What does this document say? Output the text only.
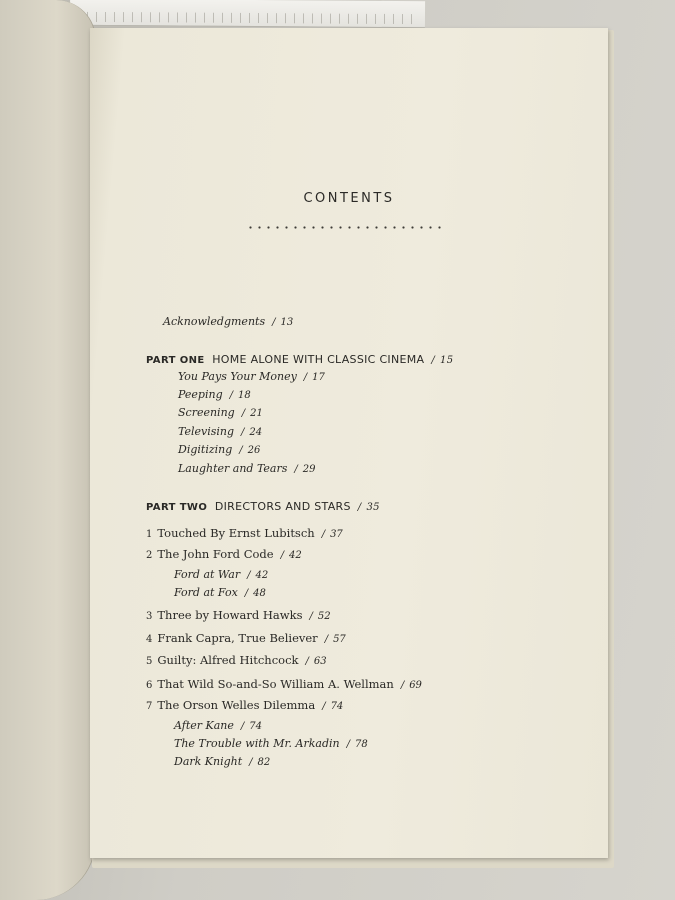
CONTENTS
Acknowledgments / 13
PART ONE HOME ALONE WITH CLASSIC CINEMA / 15
You Pays Your Money / 17
Peeping / 18
Screening / 21
Televising / 24
Digitizing / 26
Laughter and Tears / 29
PART TWO DIRECTORS AND STARS / 35
1 Touched By Ernst Lubitsch / 37
2 The John Ford Code / 42
Ford at War / 42
Ford at Fox / 48
3 Three by Howard Hawks / 52
4 Frank Capra, True Believer / 57
5 Guilty: Alfred Hitchcock / 63
6 That Wild So-and-So William A. Wellman / 69
7 The Orson Welles Dilemma / 74
After Kane / 74
The Trouble with Mr. Arkadin / 78
Dark Knight / 82
